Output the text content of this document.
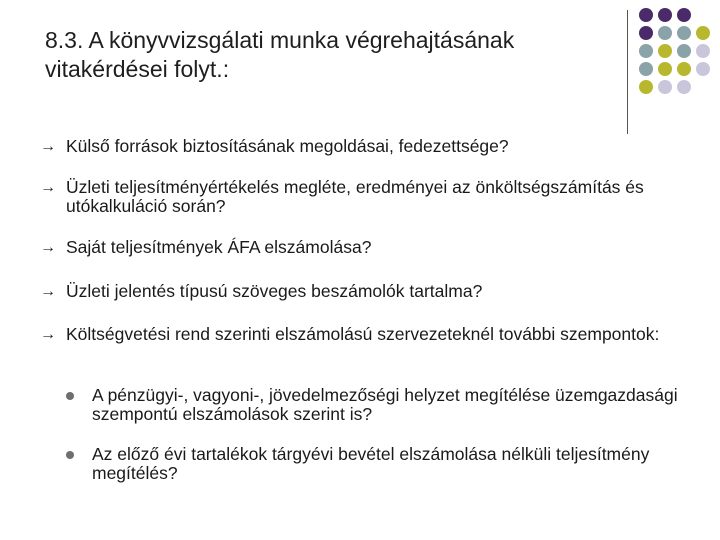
8.3. A könyvvizsgálati munka végrehajtásának vitakérdései folyt.:
→ Külső források biztosításának megoldásai, fedezettsége?
→ Üzleti teljesítményértékelés megléte, eredményei az önköltségszámítás és utókalkuláció során?
→ Saját teljesítmények ÁFA elszámolása?
→ Üzleti jelentés típusú szöveges beszámolók tartalma?
→ Költségvetési rend szerinti elszámolású szervezeteknél további szempontok:
A pénzügyi-, vagyoni-, jövedelmezőségi helyzet megítélése üzemgazdasági szempontú elszámolások szerint is?
Az előző évi tartalékok tárgyévi bevétel elszámolása nélküli teljesítmény megítélés?
